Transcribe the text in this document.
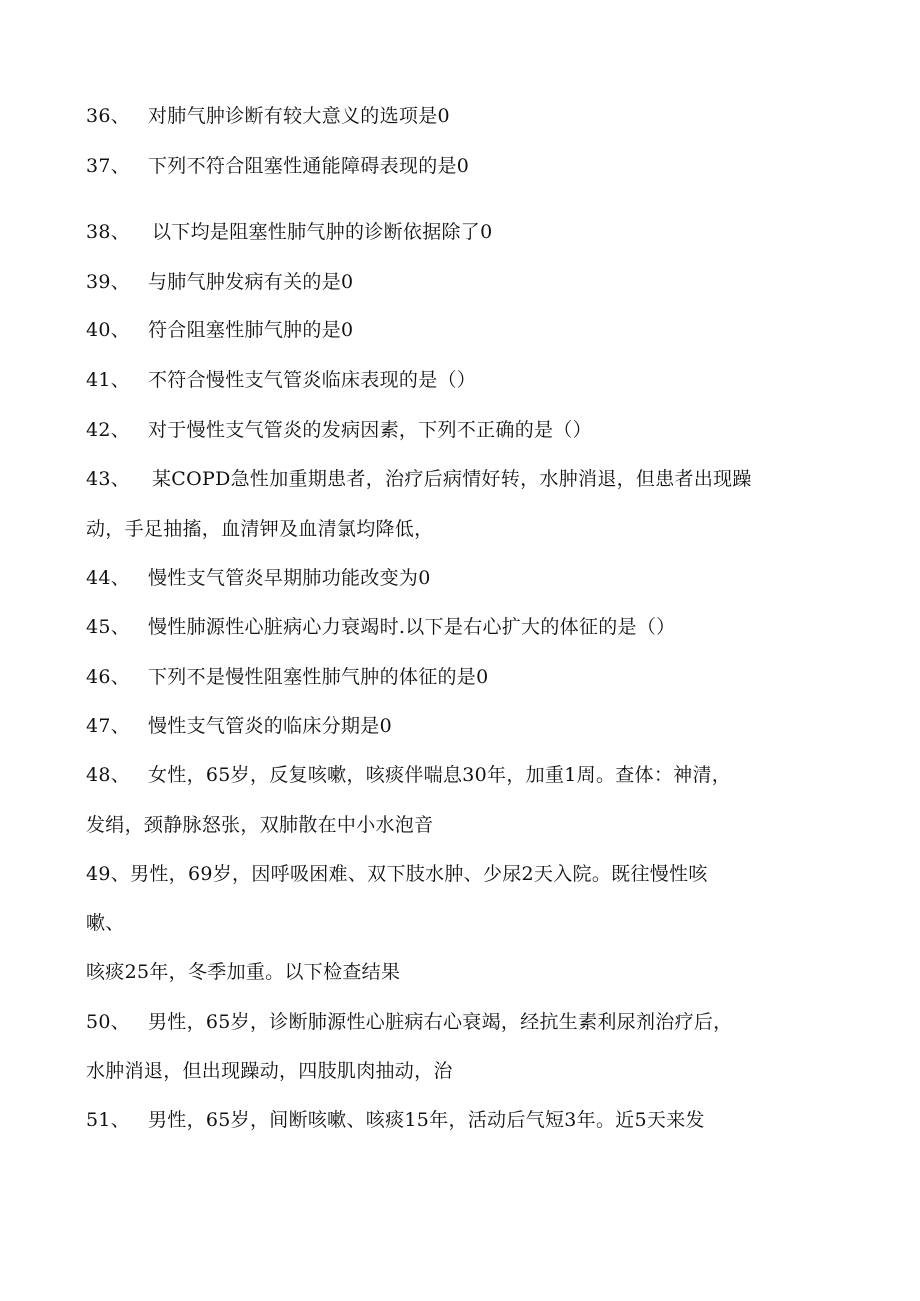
36、 对肺气肿诊断有较大意义的选项是0
37、 下列不符合阻塞性通能障碍表现的是0
38、 以下均是阻塞性肺气肿的诊断依据除了0
39、 与肺气肿发病有关的是0
40、 符合阻塞性肺气肿的是0
41、 不符合慢性支气管炎临床表现的是（）
42、 对于慢性支气管炎的发病因素，下列不正确的是（）
43、 某COPD急性加重期患者，治疗后病情好转，水肿消退，但患者出现躁
动，手足抽搐，血清钾及血清氯均降低，
44、 慢性支气管炎早期肺功能改变为0
45、 慢性肺源性心脏病心力衰竭时.以下是右心扩大的体征的是（）
46、 下列不是慢性阻塞性肺气肿的体征的是0
47、 慢性支气管炎的临床分期是0
48、 女性，65岁，反复咳嗽，咳痰伴喘息30年，加重1周。查体：神清，
发绢，颈静脉怒张，双肺散在中小水泡音
49、男性，69岁，因呼吸困难、双下肢水肿、少尿2天入院。既往慢性咳
嗽、
咳痰25年，冬季加重。以下检查结果
50、 男性，65岁，诊断肺源性心脏病右心衰竭，经抗生素利尿剂治疗后，
水肿消退，但出现躁动，四肢肌肉抽动，治
51、 男性，65岁，间断咳嗽、咳痰15年，活动后气短3年。近5天来发
